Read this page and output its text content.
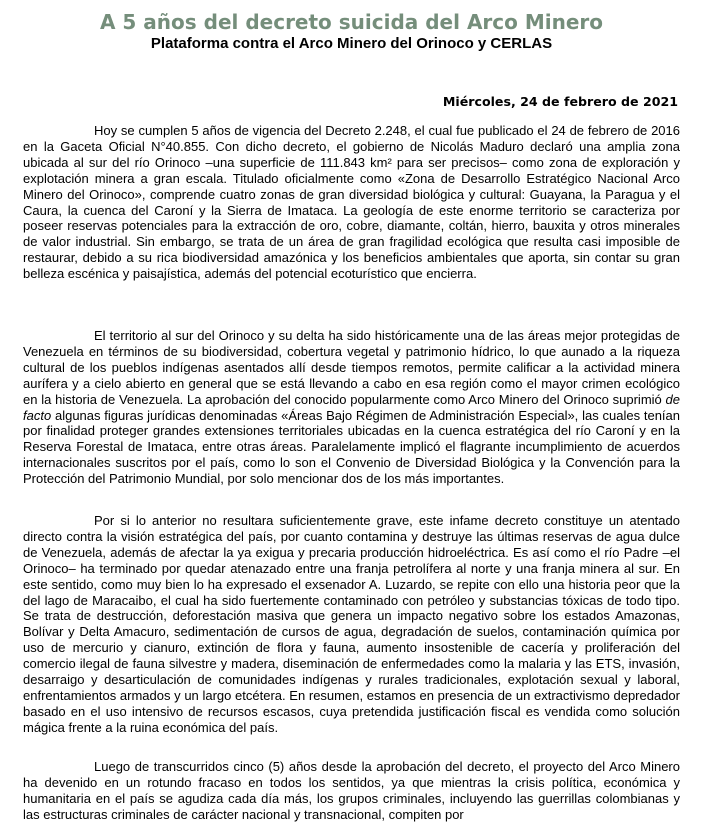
A 5 años del decreto suicida del Arco Minero
Plataforma contra el Arco Minero del Orinoco y CERLAS

Miércoles, 24 de febrero de 2021

Hoy se cumplen 5 años de vigencia del Decreto 2.248, el cual fue publicado el 24 de febrero de 2016 en la Gaceta Oficial N°40.855. Con dicho decreto, el gobierno de Nicolás Maduro declaró una amplia zona ubicada al sur del río Orinoco –una superficie de 111.843 km² para ser precisos– como zona de exploración y explotación minera a gran escala. Titulado oficialmente como «Zona de Desarrollo Estratégico Nacional Arco Minero del Orinoco», comprende cuatro zonas de gran diversidad biológica y cultural: Guayana, la Paragua y el Caura, la cuenca del Caroní y la Sierra de Imataca. La geología de este enorme territorio se caracteriza por poseer reservas potenciales para la extracción de oro, cobre, diamante, coltán, hierro, bauxita y otros minerales de valor industrial. Sin embargo, se trata de un área de gran fragilidad ecológica que resulta casi imposible de restaurar, debido a su rica biodiversidad amazónica y los beneficios ambientales que aporta, sin contar su gran belleza escénica y paisajística, además del potencial ecoturístico que encierra.

El territorio al sur del Orinoco y su delta ha sido históricamente una de las áreas mejor protegidas de Venezuela en términos de su biodiversidad, cobertura vegetal y patrimonio hídrico, lo que aunado a la riqueza cultural de los pueblos indígenas asentados allí desde tiempos remotos, permite calificar a la actividad minera aurífera y a cielo abierto en general que se está llevando a cabo en esa región como el mayor crimen ecológico en la historia de Venezuela. La aprobación del conocido popularmente como Arco Minero del Orinoco suprimió de facto algunas figuras jurídicas denominadas «Áreas Bajo Régimen de Administración Especial», las cuales tenían por finalidad proteger grandes extensiones territoriales ubicadas en la cuenca estratégica del río Caroní y en la Reserva Forestal de Imataca, entre otras áreas. Paralelamente implicó el flagrante incumplimiento de acuerdos internacionales suscritos por el país, como lo son el Convenio de Diversidad Biológica y la Convención para la Protección del Patrimonio Mundial, por solo mencionar dos de los más importantes.

Por si lo anterior no resultara suficientemente grave, este infame decreto constituye un atentado directo contra la visión estratégica del país, por cuanto contamina y destruye las últimas reservas de agua dulce de Venezuela, además de afectar la ya exigua y precaria producción hidroeléctrica. Es así como el río Padre –el Orinoco– ha terminado por quedar atenazado entre una franja petrolífera al norte y una franja minera al sur. En este sentido, como muy bien lo ha expresado el exsenador A. Luzardo, se repite con ello una historia peor que la del lago de Maracaibo, el cual ha sido fuertemente contaminado con petróleo y substancias tóxicas de todo tipo. Se trata de destrucción, deforestación masiva que genera un impacto negativo sobre los estados Amazonas, Bolívar y Delta Amacuro, sedimentación de cursos de agua, degradación de suelos, contaminación química por uso de mercurio y cianuro, extinción de flora y fauna, aumento insostenible de cacería y proliferación del comercio ilegal de fauna silvestre y madera, diseminación de enfermedades como la malaria y las ETS, invasión, desarraigo y desarticulación de comunidades indígenas y rurales tradicionales, explotación sexual y laboral, enfrentamientos armados y un largo etcétera. En resumen, estamos en presencia de un extractivismo depredador basado en el uso intensivo de recursos escasos, cuya pretendida justificación fiscal es vendida como solución mágica frente a la ruina económica del país.

Luego de transcurridos cinco (5) años desde la aprobación del decreto, el proyecto del Arco Minero ha devenido en un rotundo fracaso en todos los sentidos, ya que mientras la crisis política, económica y humanitaria en el país se agudiza cada día más, los grupos criminales, incluyendo las guerrillas colombianas y las estructuras criminales de carácter nacional y transnacional, compiten por
